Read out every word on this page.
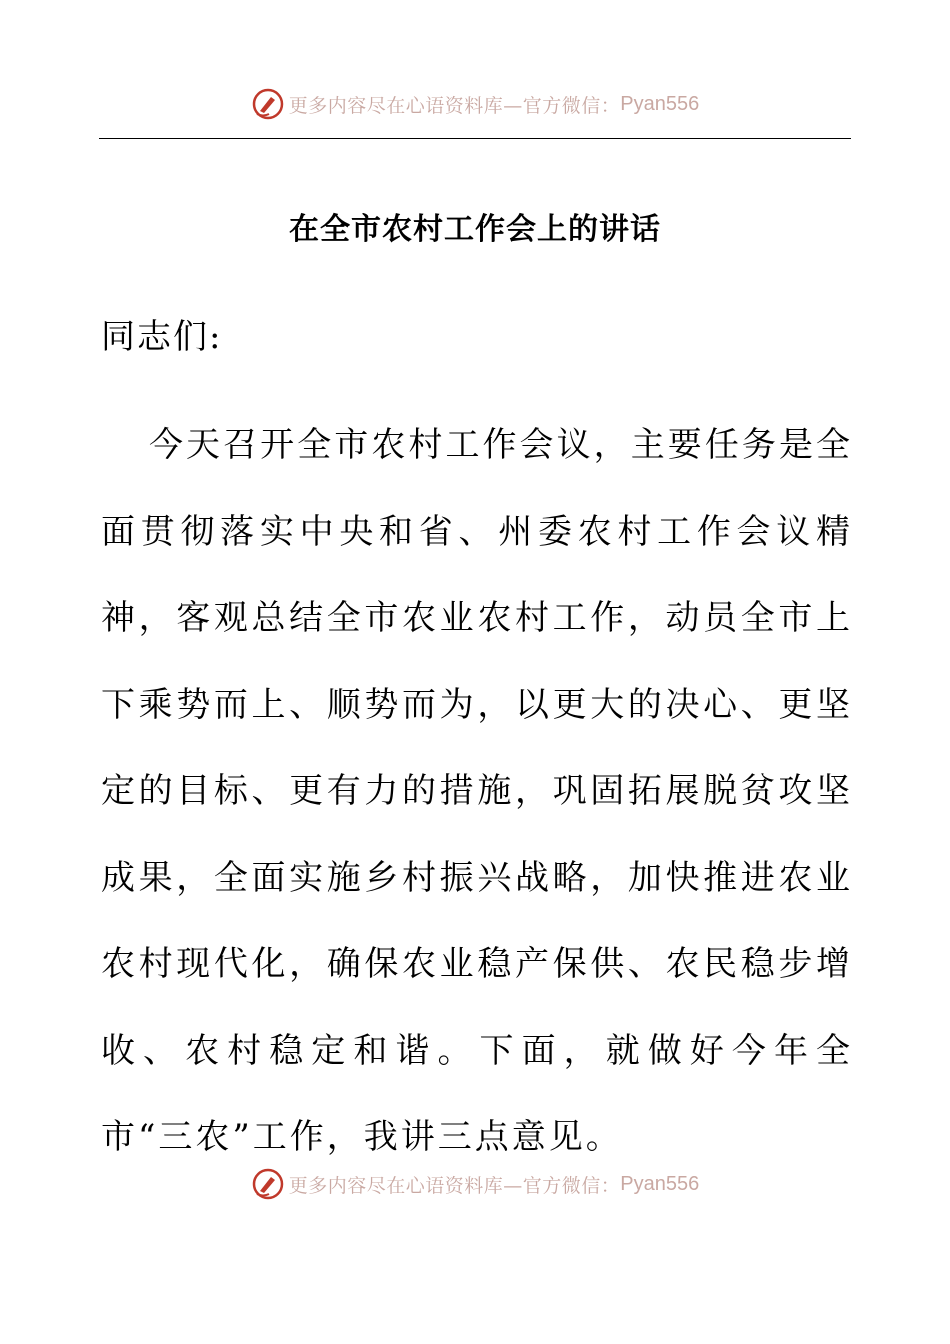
更多内容尽在心语资料库—官方微信： Pyan556
在全市农村工作会上的讲话
同志们:

今天召开全市农村工作会议，主要任务是全面贯彻落实中央和省、州委农村工作会议精神，客观总结全市农业农村工作，动员全市上下乘势而上、顺势而为，以更大的决心、更坚定的目标、更有力的措施，巩固拓展脱贫攻坚成果，全面实施乡村振兴战略，加快推进农业农村现代化，确保农业稳产保供、农民稳步增收、农村稳定和谐。下面，就做好今年全市“三农”工作，我讲三点意见。

更多内容尽在心语资料库—官方微信： Pyan556
